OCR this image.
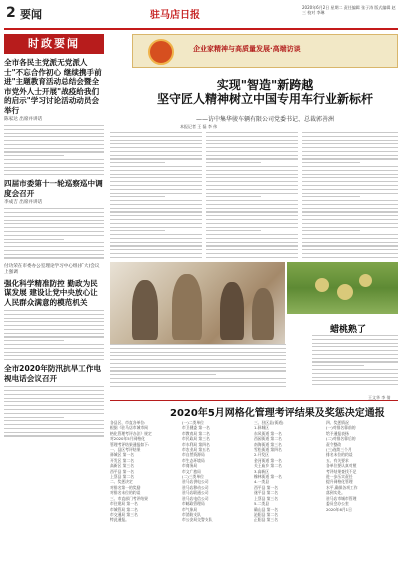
2 要闻	驻马店日报
2020年6月2日 星期二 责任编辑 张子涛 版式编辑 赵三 校对 李琳
时政要闻
全市各民主党派无党派人士"不忘合作初心 继续携手前进"主题教育活动总结会暨全市党外人士开展"战疫给我们的启示"学习讨论活动动员会举行
陈家达 出席并讲话
四届市委第十一轮巡察巡中调度会召开
李成吉 出席并讲话
付功荣在市委办公室理论学习中心组(扩大)会议上强调
强化科学精准防控 勤政为民谋发展 建设让党中央放心让人民群众满意的模范机关
全市2020年防汛抗旱工作电视电话会议召开
企业家精神与高质量发展·高端访谈
实现"智造"新跨越
坚守匠人精神树立中国专用车行业新标杆
——访中集华骏车辆有限公司党委书记、总裁郭善洲
本报记者 王 磊 李 伟
蜡桃熟了
王文华 李 倩
2020年5月网格化管理考评结果及奖惩决定通报
各县区、市直各单位:
根据《驻马店市城市网
格化管理考评办法》规定
对2020年5月网格化
管理考评结果通报如下:
一、县区考评结果
驿城区 第一名
开发区 第二名
高新区 第三名
西平县 第一名
上蔡县 第二名
二、奖惩决定
对排名第一的奖励
对排名末位的约谈
三、市直部门考评结果
市住建局 第一名
市城管局 第二名
市交通局 第三名
特此通报。
(一)二类单位
市卫健委 第一名
市教育局 第二名
市民政局 第三名
市水利局 第四名
市农业局 第五名
市自然资源局
市生态环境局
市商务局
市文广旅局
(二)三类单位
驻马店供电公司
驻马店移动公司
驻马店联通公司
驻马店电信公司
市邮政管理局
市气象局
市消防支队
市公安局交警支队
三、驻区县(街道)
1.驿城区
东风街道 第一名
西园街道 第二名
南海街道 第三名
雪松街道 第四名
2.开发区
金河街道 第一名
关王庙乡 第二名
3.高新区
橡林街道 第一名
4.一类县
西平县 第一名
遂平县 第二名
上蔡县 第三名
5.二类县
确山县 第一名
泌阳县 第二名
正阳县 第三名
四、奖惩情况
(一)对排名靠前的
给予通报表扬
(二)对排名靠后的
责令整改
(三)连续三个月
排名末位的约谈
五、有关要求
各单位要认真对照
考评结果查找不足
进一步压实责任
提升网格化管理
水平,确保各项工作
落到实处。
驻马店市城市管理
委员会办公室
2020年6月1日
